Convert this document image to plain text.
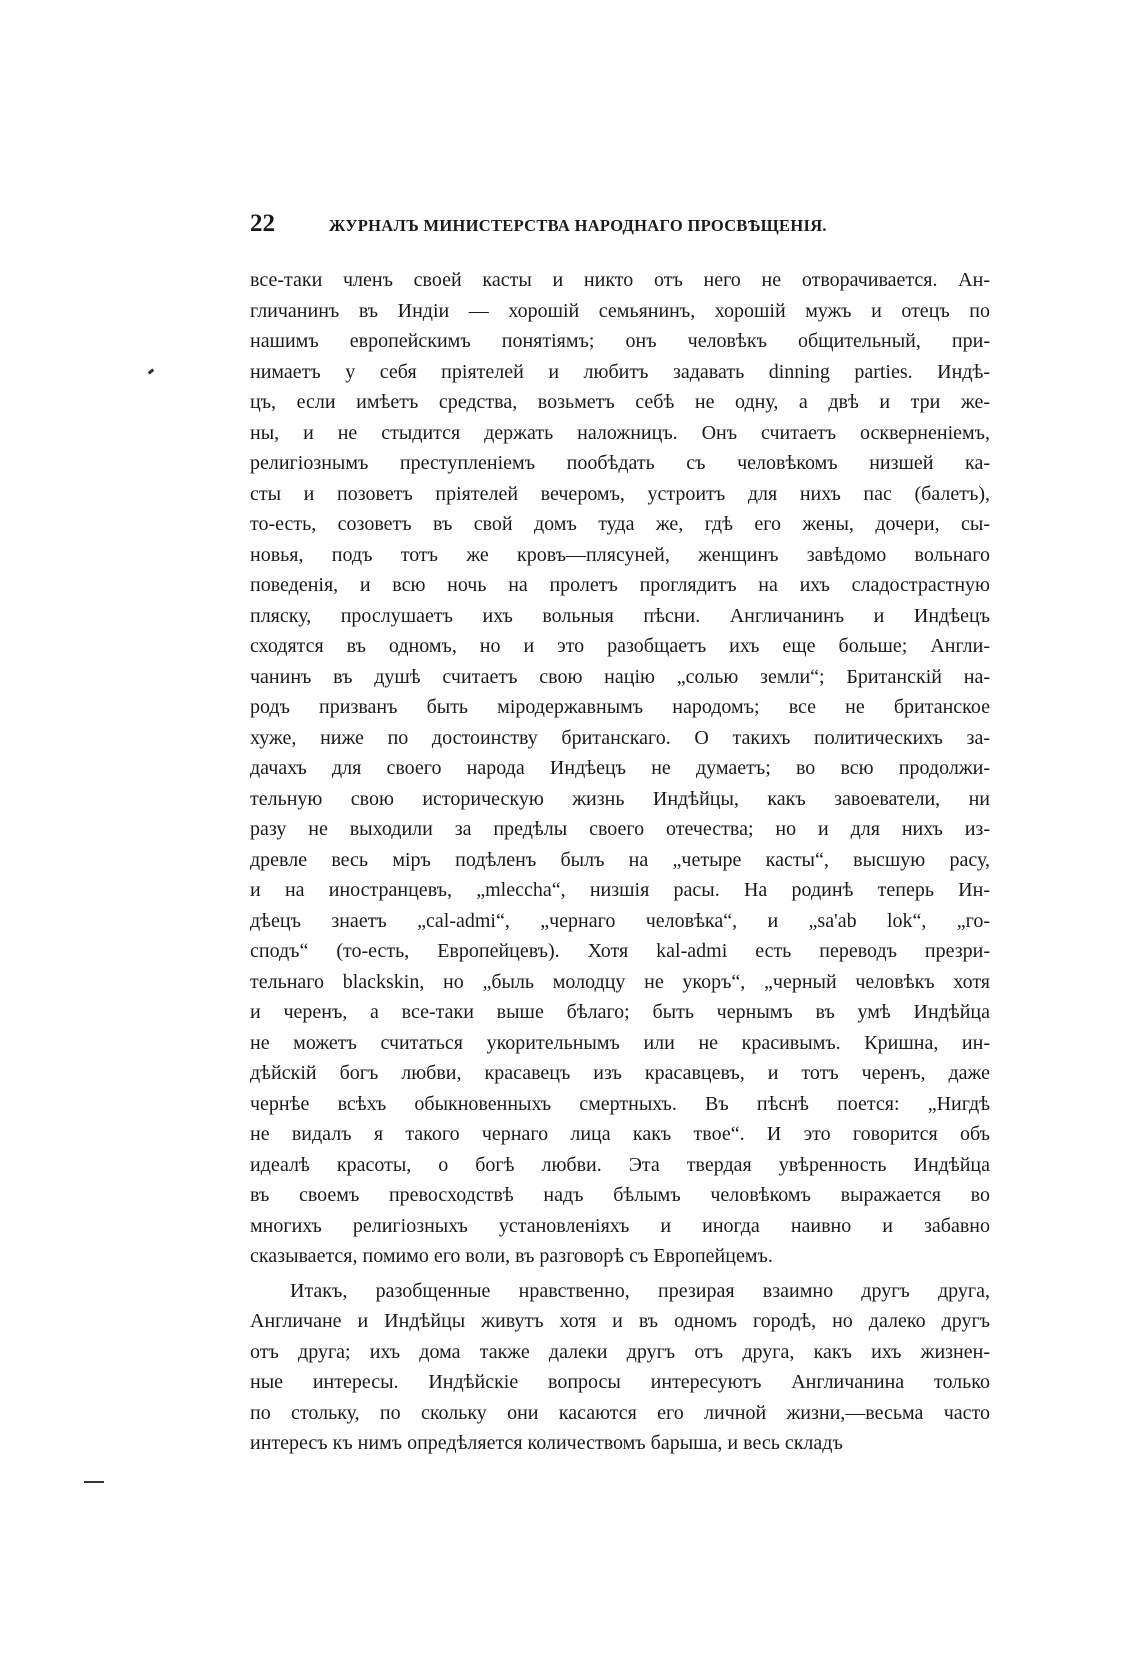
22	ЖУРНАЛЪ МИНИСТЕРСТВА НАРОДНАГО ПРОСВѢЩЕНІЯ.
все-таки членъ своей касты и никто отъ него не отворачивается. Ан-
гличанинъ въ Индіи — хорошій семьянинъ, хорошій мужъ и отецъ по
нашимъ европейскимъ понятіямъ; онъ человѣкъ общительный, при-
нимаетъ у себя пріятелей и любитъ задавать dinning parties. Индѣ-
цъ, если имѣетъ средства, возьметъ себѣ не одну, а двѣ и три же-
ны, и не стыдится держать наложницъ. Онъ считаетъ оскверненіемъ,
религіознымъ преступленіемъ пообѣдать съ человѣкомъ низшей ка-
сты и позоветъ пріятелей вечеромъ, устроитъ для нихъ пас (балетъ),
то-есть, созоветъ въ свой домъ туда же, гдѣ его жены, дочери, сы-
новья, подъ тотъ же кровъ—плясуней, женщинъ завѣдомо вольнаго
поведенія, и всю ночь на пролетъ проглядитъ на ихъ сладострастную
пляску, прослушаетъ ихъ вольныя пѣсни. Англичанинъ и Индѣецъ
сходятся въ одномъ, но и это разобщаетъ ихъ еще больше; Англи-
чанинъ въ душѣ считаетъ свою націю „солью земли“; Британскій на-
родъ призванъ быть міродержавнымъ народомъ; все не британское
хуже, ниже по достоинству британскаго. О такихъ политическихъ за-
дачахъ для своего народа Индѣецъ не думаетъ; во всю продолжи-
тельную свою историческую жизнь Индѣйцы, какъ завоеватели, ни
разу не выходили за предѣлы своего отечества; но и для нихъ из-
древле весь міръ подѣленъ былъ на „четыре касты“, высшую расу,
и на иностранцевъ, „mleccha“, низшія расы. На родинѣ теперь Ин-
дѣецъ знаетъ „cal-admi“, „чернаго человѣка“, и „sa'ab lok“, „го-
сподъ“ (то-есть, Европейцевъ). Хотя kal-admi есть переводъ презри-
тельнаго blackskin, но „быль молодцу не укоръ“, „черный человѣкъ хотя
и черенъ, а все-таки выше бѣлаго; быть чернымъ въ умѣ Индѣйца
не можетъ считаться укорительнымъ или не красивымъ. Кришна, ин-
дѣйскій богъ любви, красавецъ изъ красавцевъ, и тотъ черенъ, даже
чернѣе всѣхъ обыкновенныхъ смертныхъ. Въ пѣснѣ поется: „Нигдѣ
не видалъ я такого чернаго лица какъ твое“. И это говорится объ
идеалѣ красоты, о богѣ любви. Эта твердая увѣренность Индѣйца
въ своемъ превосходствѣ надъ бѣлымъ человѣкомъ выражается во
многихъ религіозныхъ установленіяхъ и иногда наивно и забавно
сказывается, помимо его воли, въ разговорѣ съ Европейцемъ.
Итакъ, разобщенные нравственно, презирая взаимно другъ друга,
Англичане и Индѣйцы живутъ хотя и въ одномъ городѣ, но далеко другъ
отъ друга; ихъ дома также далеки другъ отъ друга, какъ ихъ жизнен-
ные интересы. Индѣйскіе вопросы интересуютъ Англичанина только
по стольку, по скольку они касаются его личной жизни,—весьма часто
интересъ къ нимъ опредѣляется количествомъ барыша, и весь складъ
